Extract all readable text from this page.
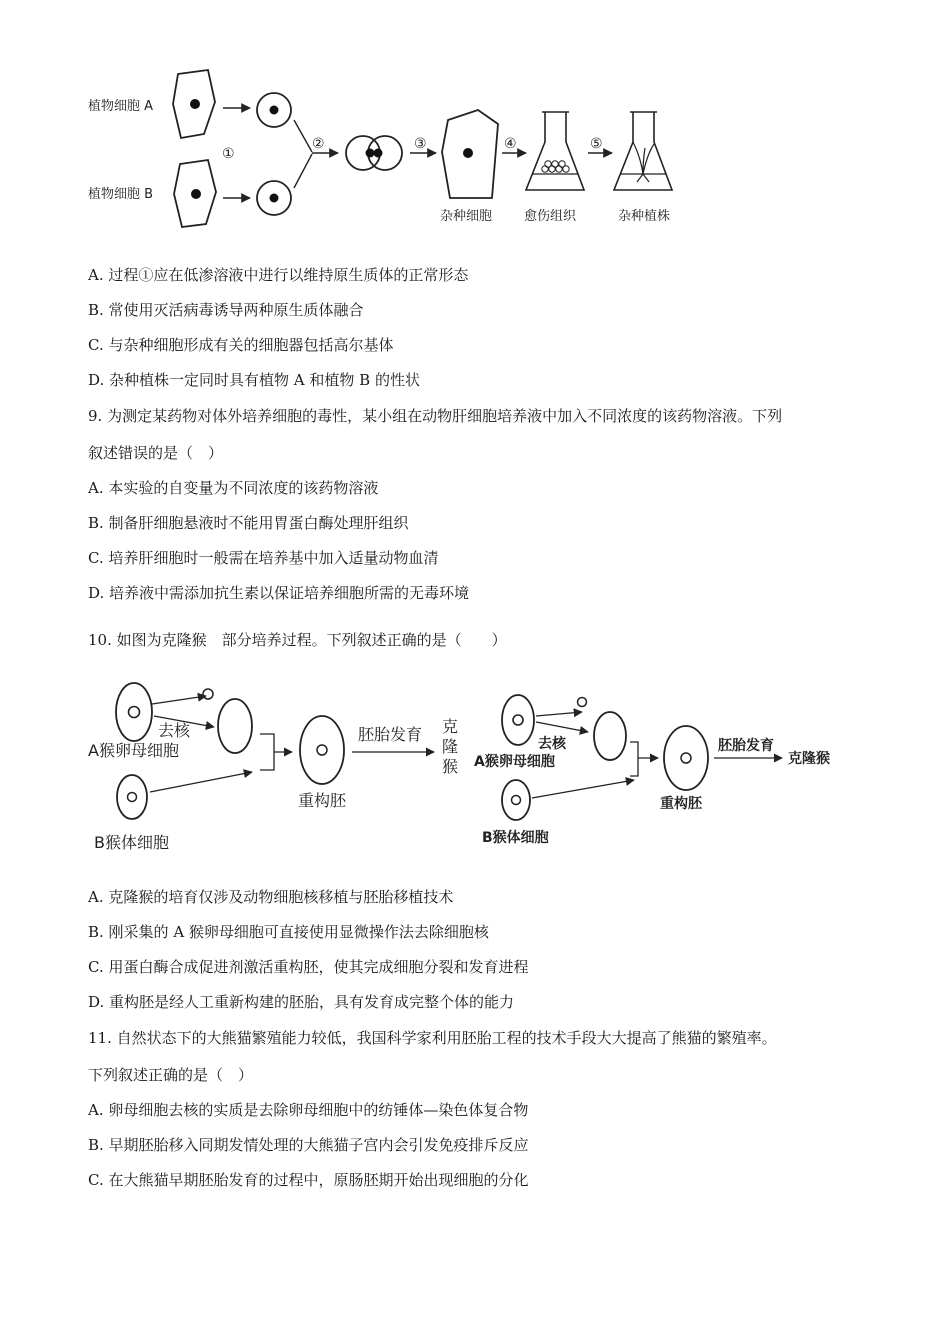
植物细胞 A
植物细胞 B
①
②	③
杂种细胞
④
愈伤组织
⑤
杂种植株
A. 过程①应在低渗溶液中进行以维持原生质体的正常形态
B. 常使用灭活病毒诱导两种原生质体融合
C. 与杂种细胞形成有关的细胞器包括高尔基体
D. 杂种植株一定同时具有植物 A 和植物 B 的性状
9. 为测定某药物对体外培养细胞的毒性，某小组在动物肝细胞培养液中加入不同浓度的该药物溶液。下列
叙述错误的是（　）
A. 本实验的自变量为不同浓度的该药物溶液
B. 制备肝细胞悬液时不能用胃蛋白酶处理肝组织
C. 培养肝细胞时一般需在培养基中加入适量动物血清
D. 培养液中需添加抗生素以保证培养细胞所需的无毒环境
10. 如图为克隆猴　部分培养过程。下列叙述正确的是（　　）
A猴卵母细胞
去核
B猴体细胞
重构胚
胚胎发育 克
隆
猴 A猴卵母细胞
去核
B猴体细胞
重构胚
胚胎发育
克隆猴
A. 克隆猴的培育仅涉及动物细胞核移植与胚胎移植技术
B. 刚采集的 A 猴卵母细胞可直接使用显微操作法去除细胞核
C. 用蛋白酶合成促进剂激活重构胚，使其完成细胞分裂和发育进程
D. 重构胚是经人工重新构建的胚胎，具有发育成完整个体的能力
11. 自然状态下的大熊猫繁殖能力较低，我国科学家利用胚胎工程的技术手段大大提高了熊猫的繁殖率。
下列叙述正确的是（　）
A. 卵母细胞去核的实质是去除卵母细胞中的纺锤体—染色体复合物
B. 早期胚胎移入同期发情处理的大熊猫子宫内会引发免疫排斥反应
C. 在大熊猫早期胚胎发育的过程中，原肠胚期开始出现细胞的分化
